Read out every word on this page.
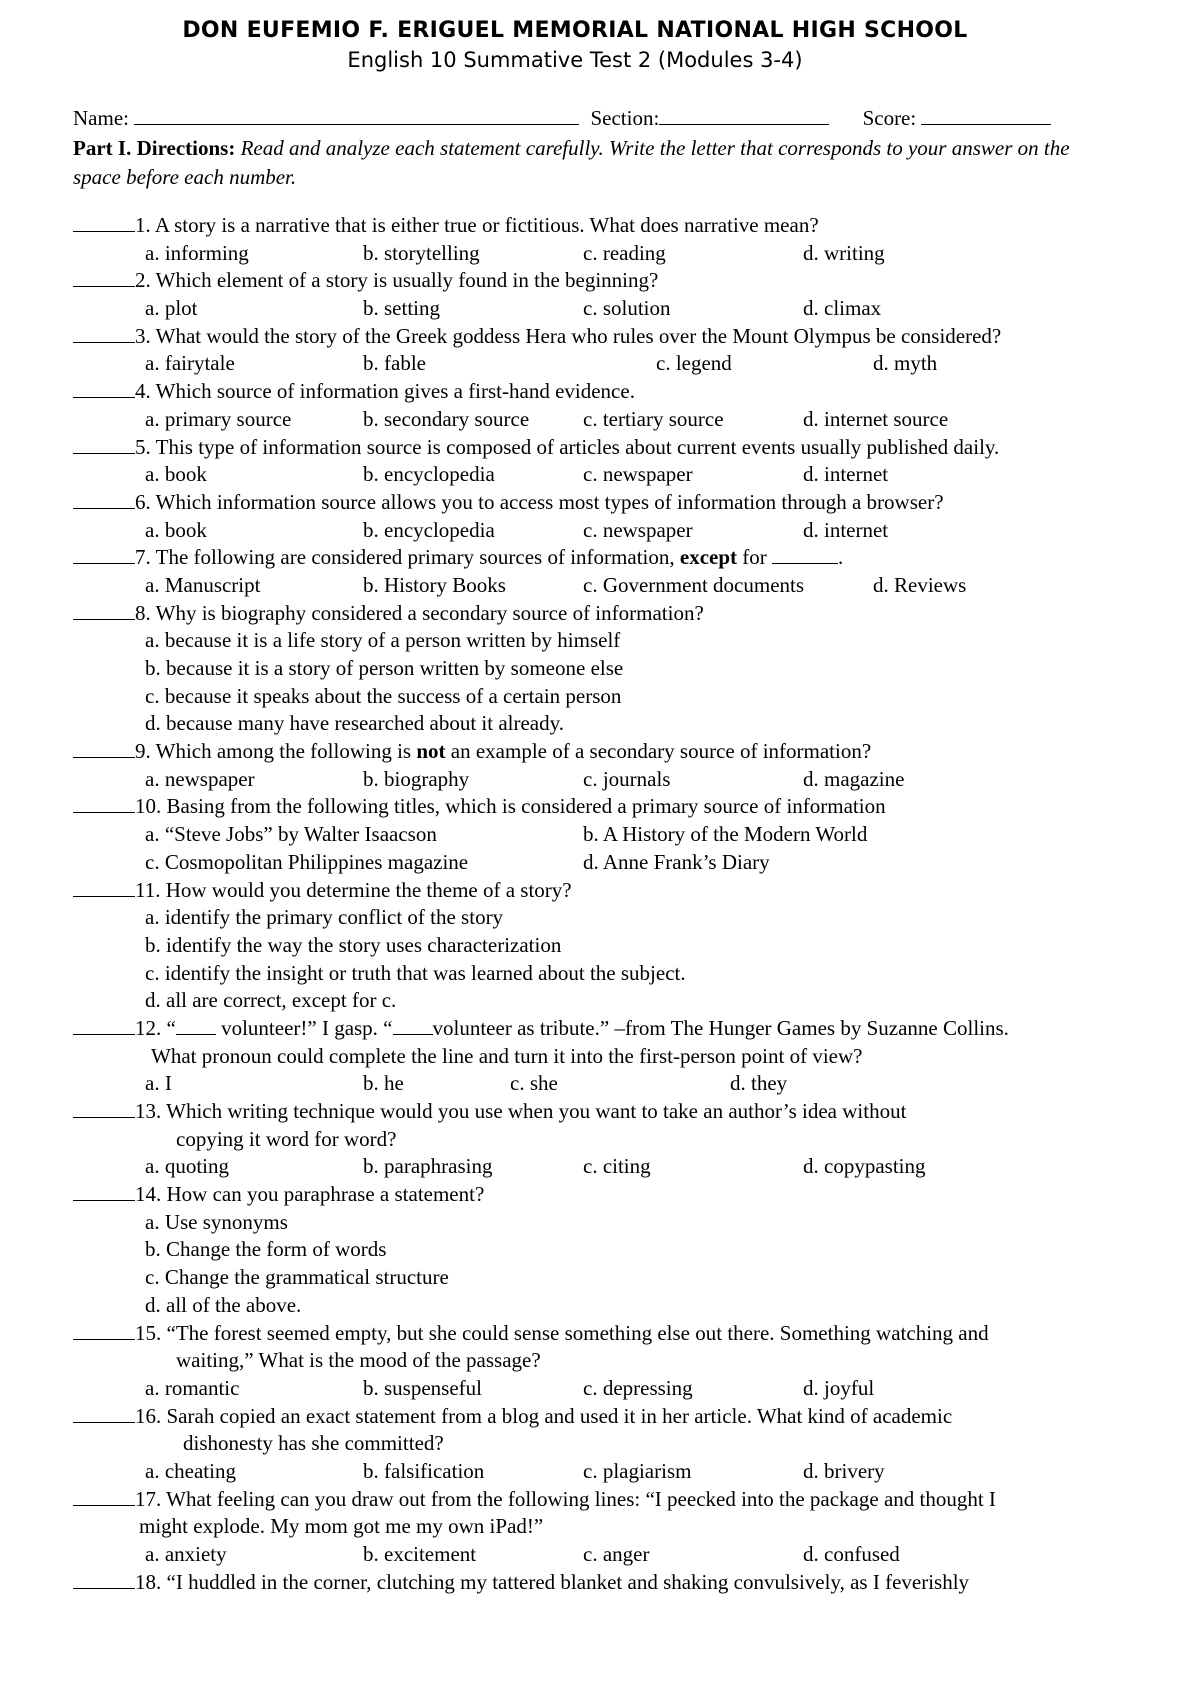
DON EUFEMIO F. ERIGUEL MEMORIAL NATIONAL HIGH SCHOOL
English 10 Summative Test 2 (Modules 3-4)
Name:	Section:	Score:
Part I. Directions: Read and analyze each statement carefully. Write the letter that corresponds to your answer on the space before each number.
1. A story is a narrative that is either true or fictitious. What does narrative mean?
a. informing	b. storytelling	c. reading	d. writing
2. Which element of a story is usually found in the beginning?
a. plot	b. setting	c. solution	d. climax
3. What would the story of the Greek goddess Hera who rules over the Mount Olympus be considered?
a. fairytale	b. fable	c. legend	d. myth
4. Which source of information gives a first-hand evidence.
a. primary source	b. secondary source	c. tertiary source	d. internet source
5. This type of information source is composed of articles about current events usually published daily.
a. book	b. encyclopedia	c. newspaper	d. internet
6. Which information source allows you to access most types of information through a browser?
a. book	b. encyclopedia	c. newspaper	d. internet
7. The following are considered primary sources of information, except for	.
a. Manuscript	b. History Books	c. Government documents	d. Reviews
8. Why is biography considered a secondary source of information?
a. because it is a life story of a person written by himself
b. because it is a story of person written by someone else
c. because it speaks about the success of a certain person
d. because many have researched about it already.
9. Which among the following is not an example of a secondary source of information?
a. newspaper	b. biography	c. journals	d. magazine
10. Basing from the following titles, which is considered a primary source of information
a. “Steve Jobs” by Walter Isaacson	b. A History of the Modern World
c. Cosmopolitan Philippines magazine	d. Anne Frank’s Diary
11. How would you determine the theme of a story?
a. identify the primary conflict of the story
b. identify the way the story uses characterization
c. identify the insight or truth that was learned about the subject.
d. all are correct, except for c.
12. “ volunteer!” I gasp. “ volunteer as tribute.” –from The Hunger Games by Suzanne Collins.
What pronoun could complete the line and turn it into the first-person point of view?
a. I	b. he	c. she	d. they
13. Which writing technique would you use when you want to take an author’s idea without
copying it word for word?
a. quoting	b. paraphrasing	c. citing	d. copypasting
14. How can you paraphrase a statement?
a. Use synonyms
b. Change the form of words
c. Change the grammatical structure
d. all of the above.
15. “The forest seemed empty, but she could sense something else out there. Something watching and
waiting,” What is the mood of the passage?
a. romantic	b. suspenseful	c. depressing	d. joyful
16. Sarah copied an exact statement from a blog and used it in her article. What kind of academic
dishonesty has she committed?
a. cheating	b. falsification	c. plagiarism	d. brivery
17. What feeling can you draw out from the following lines: “I peecked into the package and thought I
might explode. My mom got me my own iPad!”
a. anxiety	b. excitement	c. anger	d. confused
18. “I huddled in the corner, clutching my tattered blanket and shaking convulsively, as I feverishly
